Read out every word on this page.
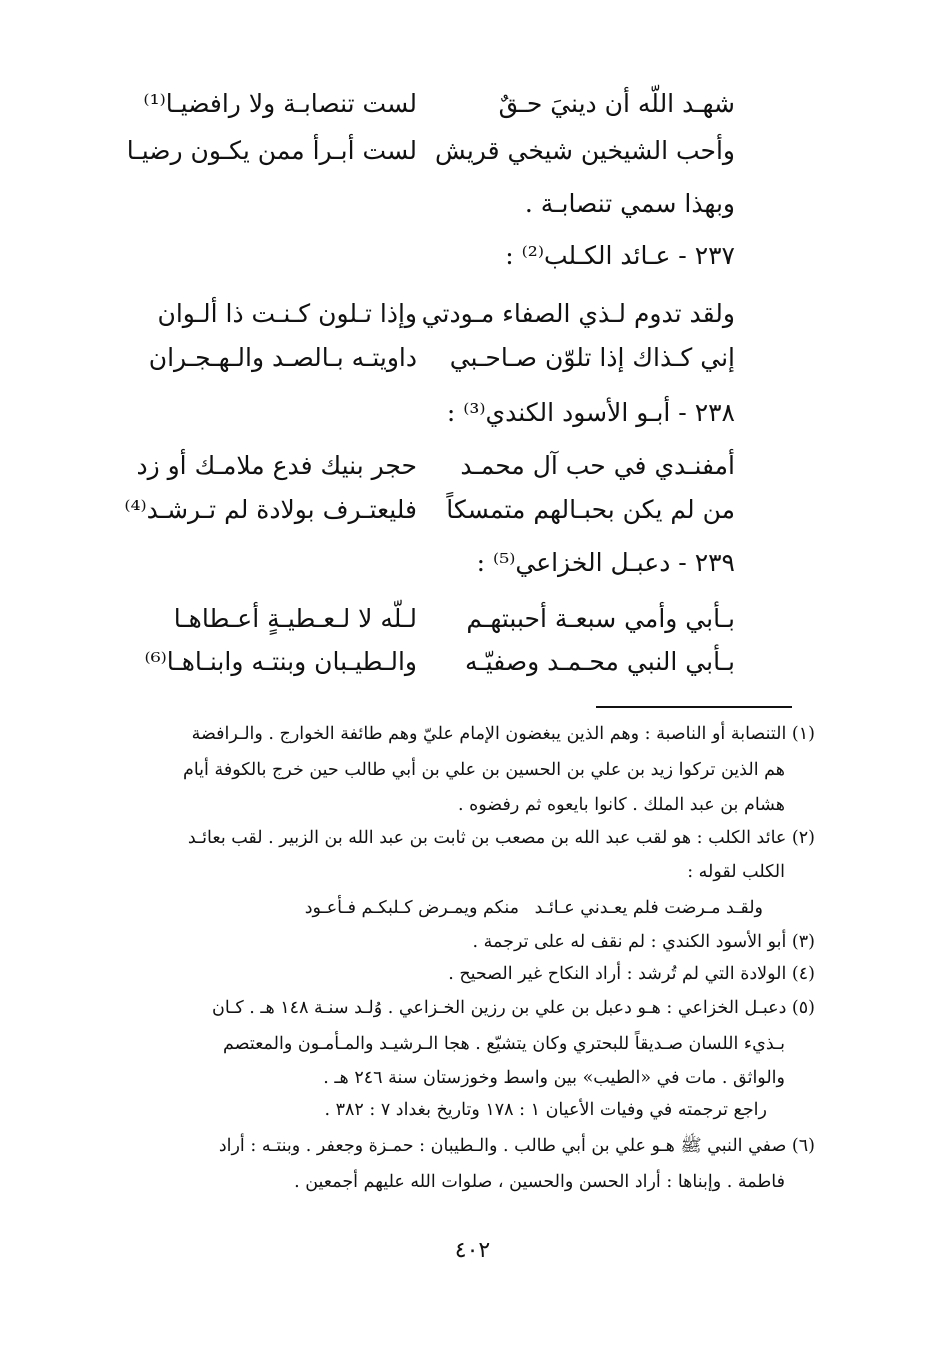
شهـد اللّه أن دينيَ حـقٌ
لست تنصابـة ولا رافضيـا⁽¹⁾
وأحب الشيخين شيخي قريش
لست أبـرأ ممن يكـون رضيـا
وبهذا سمي تنصابـة .
٢٣٧ - عـائد الكـلب⁽²⁾ :
ولقد تدوم لـذي الصفاء مـودتي
وإذا تـلون كـنـت ذا ألـوان
إني كـذاك إذا تلوّن صـاحـبي
داويتـه بـالصـد والـهـجـران
٢٣٨ - أبـو الأسود الكندي⁽³⁾ :
أمفنـدي في حب آل محمـد
حجر بنيك فدع ملامـك أو زد
من لم يكن بحبـالهم متمسكاً
فليعتـرف بولادة لم تـرشـد⁽⁴⁾
٢٣٩ - دعبـل الخزاعي⁽⁵⁾ :
بـأبي وأمي سبعـة أحببتهـم
لـلّه لا لـعـطيـةٍ أعـطاهـا
بـأبي النبي محـمـد وصفيّـه
والـطيـبان وبنتـه وابنـاهـا⁽⁶⁾
(١) التنصابة أو الناصبة : وهم الذين يبغضون الإمام عليّ وهم طائفة الخوارج . والـرافضة
هم الذين تركوا زيد بن علي بن الحسين بن علي بن أبي طالب حين خرج بالكوفة أيام
هشام بن عبد الملك . كانوا بايعوه ثم رفضوه .
(٢) عائد الكلب : هو لقب عبد الله بن مصعب بن ثابت بن عبد الله بن الزبير . لقب بعائـد
الكلب لقوله :
ولقـد مـرضت فلم يعـدني عـائـد
منكم ويمـرض كـلبكـم فـأعـود
(٣) أبو الأسود الكندي : لم نقف له على ترجمة .
(٤) الولادة التي لم تُرشد : أراد النكاح غير الصحيح .
(٥) دعبـل الخزاعي : هـو دعبل بن علي بن رزين الخـزاعي . وُلـد سنـة ١٤٨ هـ . كـان
بـذيء اللسان صـديقاً للبحتري وكان يتشيّع . هجا الـرشيـد والمـأمـون والمعتصم
والواثق . مات في «الطيب» بين واسط وخوزستان سنة ٢٤٦ هـ .
راجع ترجمته في وفيات الأعيان ١ : ١٧٨ وتاريخ بغداد ٧ : ٣٨٢ .
(٦) صفي النبي ﷺ هـو علي بن أبي طالب . والـطيبان : حمـزة وجعفر . وبنتـه : أراد
فاطمة . وإبناها : أراد الحسن والحسين ، صلوات الله عليهم أجمعين .
٤٠٢
